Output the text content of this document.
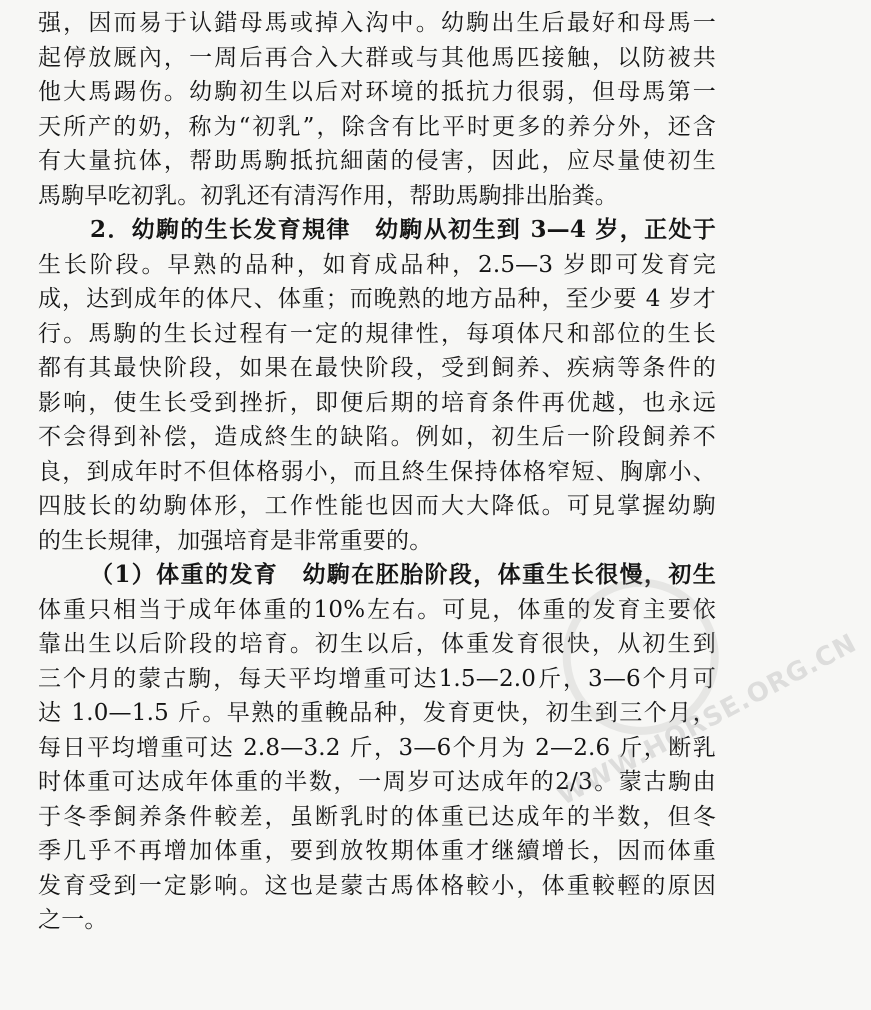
强，因而易于认錯母馬或掉入沟中。幼駒出生后最好和母馬一
起停放厩內，一周后再合入大群或与其他馬匹接触，以防被共
他大馬踢伤。幼駒初生以后对环境的抵抗力很弱，但母馬第一
天所产的奶，称为“初乳”，除含有比平时更多的养分外，还含
有大量抗体，帮助馬駒抵抗細菌的侵害，因此，应尽量使初生
馬駒早吃初乳。初乳还有清泻作用，帮助馬駒排出胎粪。
2．幼駒的生长发育規律　幼駒从初生到 3—4 岁，正处于
生长阶段。早熟的品种，如育成品种，2.5—3 岁即可发育完
成，达到成年的体尺、体重；而晚熟的地方品种，至少要 4 岁才
行。馬駒的生长过程有一定的規律性，每項体尺和部位的生长
都有其最快阶段，如果在最快阶段，受到飼养、疾病等条件的
影响，使生长受到挫折，即便后期的培育条件再优越，也永远
不会得到补偿，造成終生的缺陷。例如，初生后一阶段飼养不
良，到成年时不但体格弱小，而且終生保持体格窄短、胸廓小、
四肢长的幼駒体形，工作性能也因而大大降低。可見掌握幼駒
的生长規律，加强培育是非常重要的。
（1）体重的发育　幼駒在胚胎阶段，体重生长很慢，初生
体重只相当于成年体重的10%左右。可見，体重的发育主要依
靠出生以后阶段的培育。初生以后，体重发育很快，从初生到
三个月的蒙古駒，每天平均增重可达1.5—2.0斤，3—6个月可
达 1.0—1.5 斤。早熟的重輓品种，发育更快，初生到三个月，
每日平均增重可达 2.8—3.2 斤，3—6个月为 2—2.6 斤，断乳
时体重可达成年体重的半数，一周岁可达成年的2/3。蒙古駒由
于冬季飼养条件較差，虽断乳时的体重已达成年的半数，但冬
季几乎不再增加体重，要到放牧期体重才继續增长，因而体重
发育受到一定影响。这也是蒙古馬体格較小，体重較輕的原因
之一。
WWW.HORSE.ORG.CN
